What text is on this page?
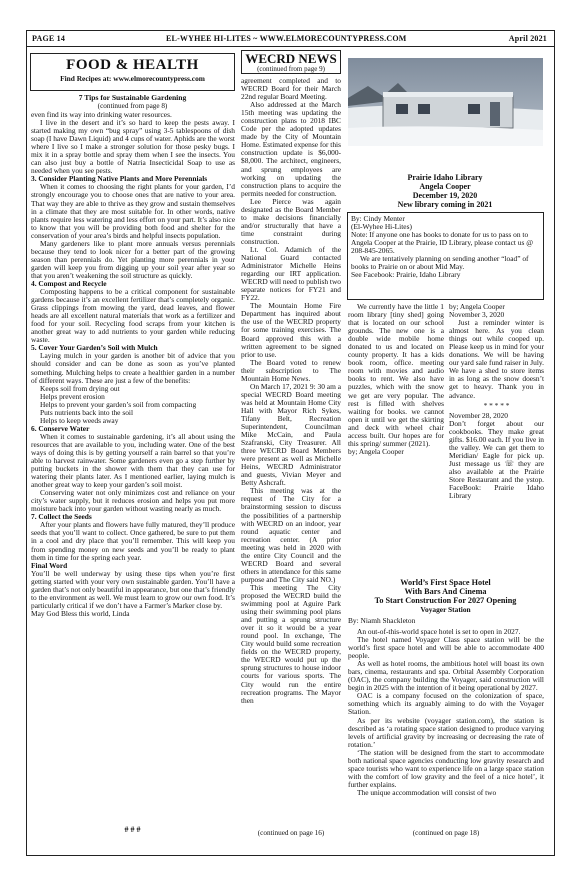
PAGE 14	EL-WYHEE HI-LITES ~ WWW.ELMORECOUNTYPRESS.COM	April 2021
FOOD & HEALTH
Find Recipes at: www.elmorecountypress.com
7 Tips for Sustainable Gardening
(continued from page 8)

even find its way into drinking water resources.

I live in the desert and it’s so hard to keep the pests away. I started making my own “bug spray” using 3-5 tablespoons of dish soap (I have Dawn Liquid) and 4 cups of water. Aphids are the worst where I live so I make a stronger solution for those pesky bugs. I mix it in a spray bottle and spray them when I see the insects. You can also just buy a bottle of Natria Insecticidal Soap to use as needed when you see pests.

3. Consider Planting Native Plants and More Perennials

When it comes to choosing the right plants for your garden, I’d strongly encourage you to choose ones that are native to your area. That way they are able to thrive as they grow and sustain themselves in a climate that they are most suitable for. In other words, native plants require less watering and less effort on your part. It’s also nice to know that you will be providing both food and shelter for the conservation of your area’s birds and helpful insects population.

Many gardeners like to plant more annuals versus perennials because they tend to look nicer for a better part of the growing season than perennials do. Yet planting more perennials in your garden will keep you from digging up your soil year after year so that you aren’t weakening the soil structure as quickly.

4. Compost and Recycle

Composting happens to be a critical component for sustainable gardens because it’s an excellent fertilizer that’s completely organic. Grass clippings from mowing the yard, dead leaves, and flower heads are all excellent natural materials that work as a fertilizer and food for your soil. Recycling food scraps from your kitchen is another great way to add nutrients to your garden while reducing waste.

5. Cover Your Garden’s Soil with Mulch

Laying mulch in your garden is another bit of advice that you should consider and can be done as soon as you’ve planted something. Mulching helps to create a healthier garden in a number of different ways. These are just a few of the benefits:

Keeps soil from drying out

Helps prevent erosion

Helps to prevent your garden’s soil from compacting

Puts nutrients back into the soil

Helps to keep weeds away

6. Conserve Water

When it comes to sustainable gardening, it’s all about using the resources that are available to you, including water. One of the best ways of doing this is by getting yourself a rain barrel so that you’re able to harvest rainwater. Some gardeners even go a step further by putting buckets in the shower with them that they can use for watering their plants later. As I mentioned earlier, laying mulch is another great way to keep your garden’s soil moist.

Conserving water not only minimizes cost and reliance on your city’s water supply, but it reduces erosion and helps you put more moisture back into your garden without wasting nearly as much.

7. Collect the Seeds

After your plants and flowers have fully matured, they’ll produce seeds that you’ll want to collect. Once gathered, be sure to put them in a cool and dry place that you’ll remember. This will keep you from spending money on new seeds and you’ll be ready to plant them in time for the spring each year.

Final Word

You’ll be well underway by using these tips when you’re first getting started with your very own sustainable garden. You’ll have a garden that’s not only beautiful in appearance, but one that’s friendly to the environment as well. We must learn to grow our own food. It’s particularly critical if we don’t have a Farmer’s Marker close by.

May God Bless this world, Linda

# # #
WECRD NEWS
(continued from page 9)

agreement completed and to WECRD Board for their March 22nd regular Board Meeting.

Also addressed at the March 15th meeting was updating the construction plans to 2018 IBC Code per the adopted updates made by the City of Mountain Home. Estimated expense for this construction update is $6,000- $8,000. The architect, engineers, and sprung employees are working on updating the construction plans to acquire the permits needed for construction.

Lee Pierce was again designated as the Board Member to make decisions financially and/or structurally that have a time constraint during construction.

Lt. Col. Adamich of the National Guard contacted Administrator Michelle Heins regarding our IRT application. WECRD will need to publish two separate notices for FY21 and FY22.

The Mountain Home Fire Department has inquired about the use of the WECRD property for some training exercises. The Board approved this with a written agreement to be signed prior to use.

The Board voted to renew their subscription to The Mountain Home News.

On March 17, 2021 9: 30 am a special WECRD Board meeting was held at Mountain Home City Hall with Mayor Rich Sykes, Tifany Belt, Recreation Superintendent, Councilman Mike McCain, and Paula Szafranski, City Treasurer. All three WECRD Board Members were present as well as Michelle Heins, WECRD Administrator and guests, Vivian Meyer and Betty Ashcraft.

This meeting was at the request of The City for a brainstorming session to discuss the possibilities of a partnership with WECRD on an indoor, year round aquatic center and recreation center. (A prior meeting was held in 2020 with the entire City Council and the WECRD Board and several others in attendance for this same purpose and The City said NO.)

This meeting The City proposed the WECRD build the swimming pool at Aguire Park using their swimming pool plans and putting a sprung structure over it so it would be a year round pool. In exchange, The City would build some recreation fields on the WECRD property, the WECRD would put up the sprung structures to house indoor courts for various sports. The City would run the entire recreation programs. The Mayor then

(continued on page 16)
Prairie Idaho Library
Angela Cooper
December 19, 2020
New library coming in 2021

By: Cindy Menter

(El-Wyhee Hi-Lites)

Note: If anyone one has books to donate for us to pass on to Angela Cooper at the Prairie, ID Library, please contact us @ 208-845-2065.

We are tentatively planning on sending another “load” of books to Prairie on or about Mid May.

See Facebook: Prairie, Idaho Library

We currently have the little 1 room library [tiny shed] going that is located on our school grounds. The new one is a double wide mobile home donated to us and located on county property. It has a kids book room, office. meeting room with movies and audio books to rent. We also have puzzles, which with the snow we get are very popular. The rest is filled with shelves waiting for books. we cannot open it until we get the skirting and deck with wheel chair access built. Our hopes are for this spring/ summer (2021).

by; Angela Cooper

by; Angela Cooper

November 3, 2020

Just a reminder winter is almost here. As you clean things out while cooped up. Please keep us in mind for your donations. We will be having our yard sale fund raiser in July. We have a shed to store items in as long as the snow doesn’t get to heavy. Thank you in advance.

* * * * *

November 28, 2020

Don’t forget about our cookbooks. They make great gifts. $16.00 each. If you live in the valley. We can get them to Meridian/ Eagle for pick up. Just message us ☏ they are also available at the Prairie Store Restaurant and the ystop. FaceBook: Prairie Idaho Library

World’s First Space Hotel
With Bars And Cinema
To Start Construction For 2027 Opening
Voyager Station
By: Niamh Shackleton

An out-of-this-world space hotel is set to open in 2027.

The hotel named Voyager Class space station will be the world’s first space hotel and will be able to accommodate 400 people.

As well as hotel rooms, the ambitious hotel will boast its own bars, cinema, restaurants and spa. Orbital Assembly Corporation (OAC), the company building the Voyager, said construction will begin in 2025 with the intention of it being operational by 2027.

OAC is a company focused on the colonization of space, something which its arguably aiming to do with the Voyager Station.

As per its website (voyager station.com), the station is described as ‘a rotating space station designed to produce varying levels of artificial gravity by increasing or decreasing the rate of rotation.’

‘The station will be designed from the start to accommodate both national space agencies conducting low gravity research and space tourists who want to experience life on a large space station with the comfort of low gravity and the feel of a nice hotel’, it further explains.

The unique accommodation will consist of two

(continued on page 18)
